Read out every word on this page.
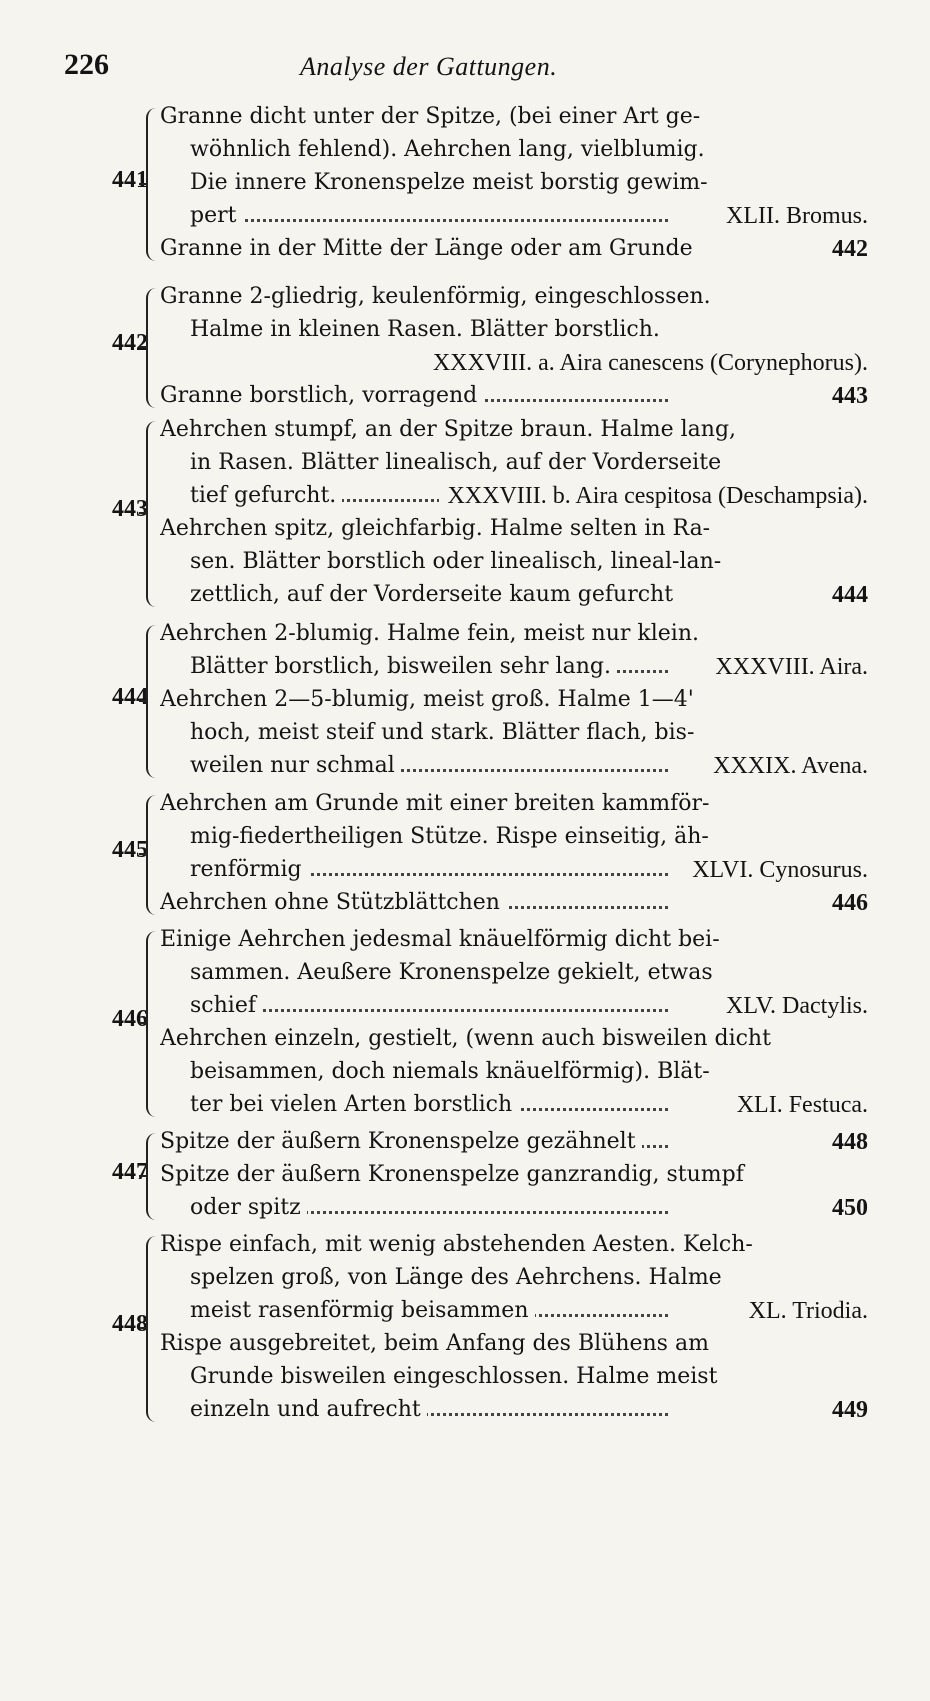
226	Analyse der Gattungen.
441
Granne dicht unter der Spitze, (bei einer Art ge-
wöhnlich fehlend). Aehrchen lang, vielblumig.
Die innere Kronenspelze meist borstig gewim-
pert	XLII. Bromus.
Granne in der Mitte der Länge oder am Grunde	442
442
Granne 2-gliedrig, keulenförmig, eingeschlossen.
Halme in kleinen Rasen. Blätter borstlich.
XXXVIII. a. Aira canescens (Corynephorus).
Granne borstlich, vorragend	443
443
Aehrchen stumpf, an der Spitze braun. Halme lang,
in Rasen. Blätter linealisch, auf der Vorderseite
tief gefurcht.	XXXVIII. b. Aira cespitosa (Deschampsia).
Aehrchen spitz, gleichfarbig. Halme selten in Ra-
sen. Blätter borstlich oder linealisch, lineal-lan-
zettlich, auf der Vorderseite kaum gefurcht	444
444
Aehrchen 2-blumig. Halme fein, meist nur klein.
Blätter borstlich, bisweilen sehr lang.	XXXVIII. Aira.
Aehrchen 2—5-blumig, meist groß. Halme 1—4'
hoch, meist steif und stark. Blätter flach, bis-
weilen nur schmal	XXXIX. Avena.
445
Aehrchen am Grunde mit einer breiten kammför-
mig-fiedertheiligen Stütze. Rispe einseitig, äh-
renförmig	XLVI. Cynosurus.
Aehrchen ohne Stützblättchen	446
446
Einige Aehrchen jedesmal knäuelförmig dicht bei-
sammen. Aeußere Kronenspelze gekielt, etwas
schief	XLV. Dactylis.
Aehrchen einzeln, gestielt, (wenn auch bisweilen dicht
beisammen, doch niemals knäuelförmig). Blät-
ter bei vielen Arten borstlich	XLI. Festuca.
447
Spitze der äußern Kronenspelze gezähnelt	448
Spitze der äußern Kronenspelze ganzrandig, stumpf
oder spitz	450
448
Rispe einfach, mit wenig abstehenden Aesten. Kelch-
spelzen groß, von Länge des Aehrchens. Halme
meist rasenförmig beisammen	XL. Triodia.
Rispe ausgebreitet, beim Anfang des Blühens am
Grunde bisweilen eingeschlossen. Halme meist
einzeln und aufrecht	449
